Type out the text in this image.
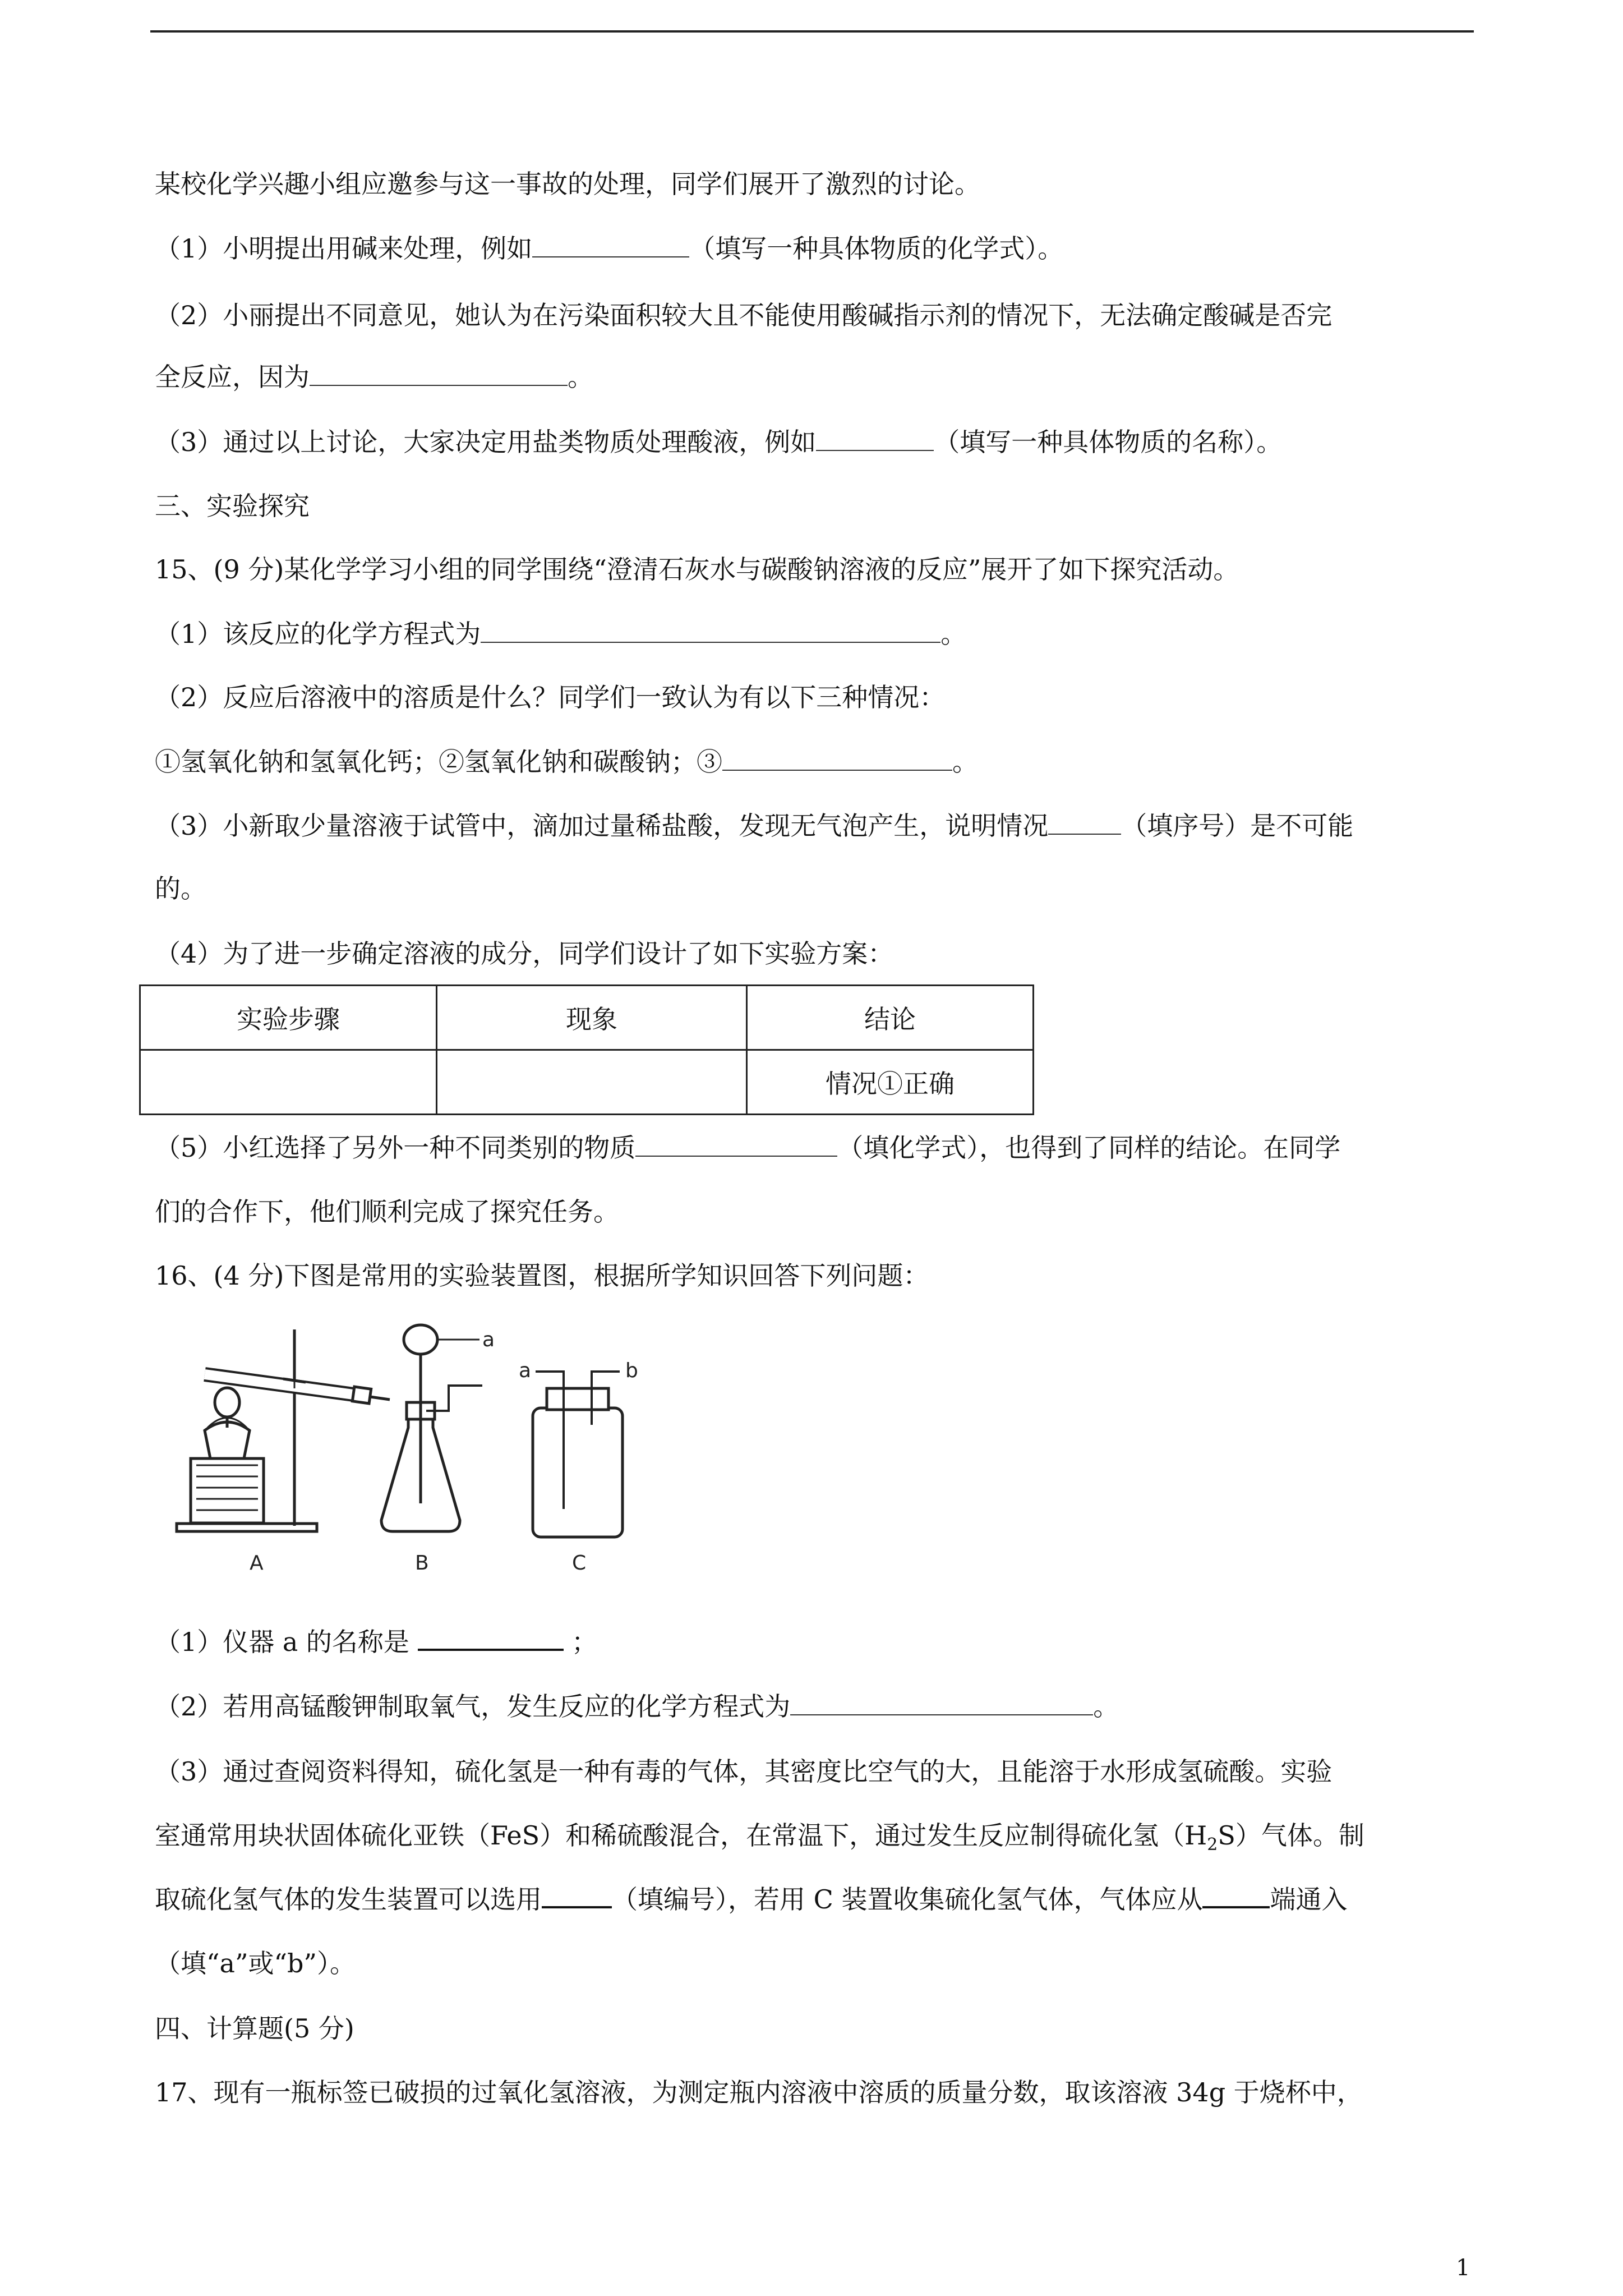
某校化学兴趣小组应邀参与这一事故的处理，同学们展开了激烈的讨论。
（1）小明提出用碱来处理，例如	（填写一种具体物质的化学式）。
（2）小丽提出不同意见，她认为在污染面积较大且不能使用酸碱指示剂的情况下，无法确定酸碱是否完
全反应，因为	。
（3）通过以上讨论，大家决定用盐类物质处理酸液，例如	（填写一种具体物质的名称）。
三、实验探究
15、(9 分)某化学学习小组的同学围绕“澄清石灰水与碳酸钠溶液的反应”展开了如下探究活动。
（1）该反应的化学方程式为	。
（2）反应后溶液中的溶质是什么？同学们一致认为有以下三种情况：
①氢氧化钠和氢氧化钙；②氢氧化钠和碳酸钠；③	。
（3）小新取少量溶液于试管中，滴加过量稀盐酸，发现无气泡产生，说明情况	（填序号）是不可能
的。
（4）为了进一步确定溶液的成分，同学们设计了如下实验方案：
实验步骤	现象	结论
		情况①正确
（5）小红选择了另外一种不同类别的物质	（填化学式），也得到了同样的结论。在同学
们的合作下，他们顺利完成了探究任务。
16、(4 分)下图是常用的实验装置图，根据所学知识回答下列问题：
a
a	b
A	B	C
（1）仪器 a 的名称是	；
（2）若用高锰酸钾制取氧气，发生反应的化学方程式为	。
（3）通过查阅资料得知，硫化氢是一种有毒的气体，其密度比空气的大，且能溶于水形成氢硫酸。实验
室通常用块状固体硫化亚铁（FeS）和稀硫酸混合，在常温下，通过发生反应制得硫化氢$(H_2S)$气体。制
取硫化氢气体的发生装置可以选用	（填编号），若用 C 装置收集硫化氢气体，气体应从	端通入
（填“a”或“b”）。
四、计算题(5 分)
17、现有一瓶标签已破损的过氧化氢溶液，为测定瓶内溶液中溶质的质量分数，取该溶液 34g 于烧杯中，
1
